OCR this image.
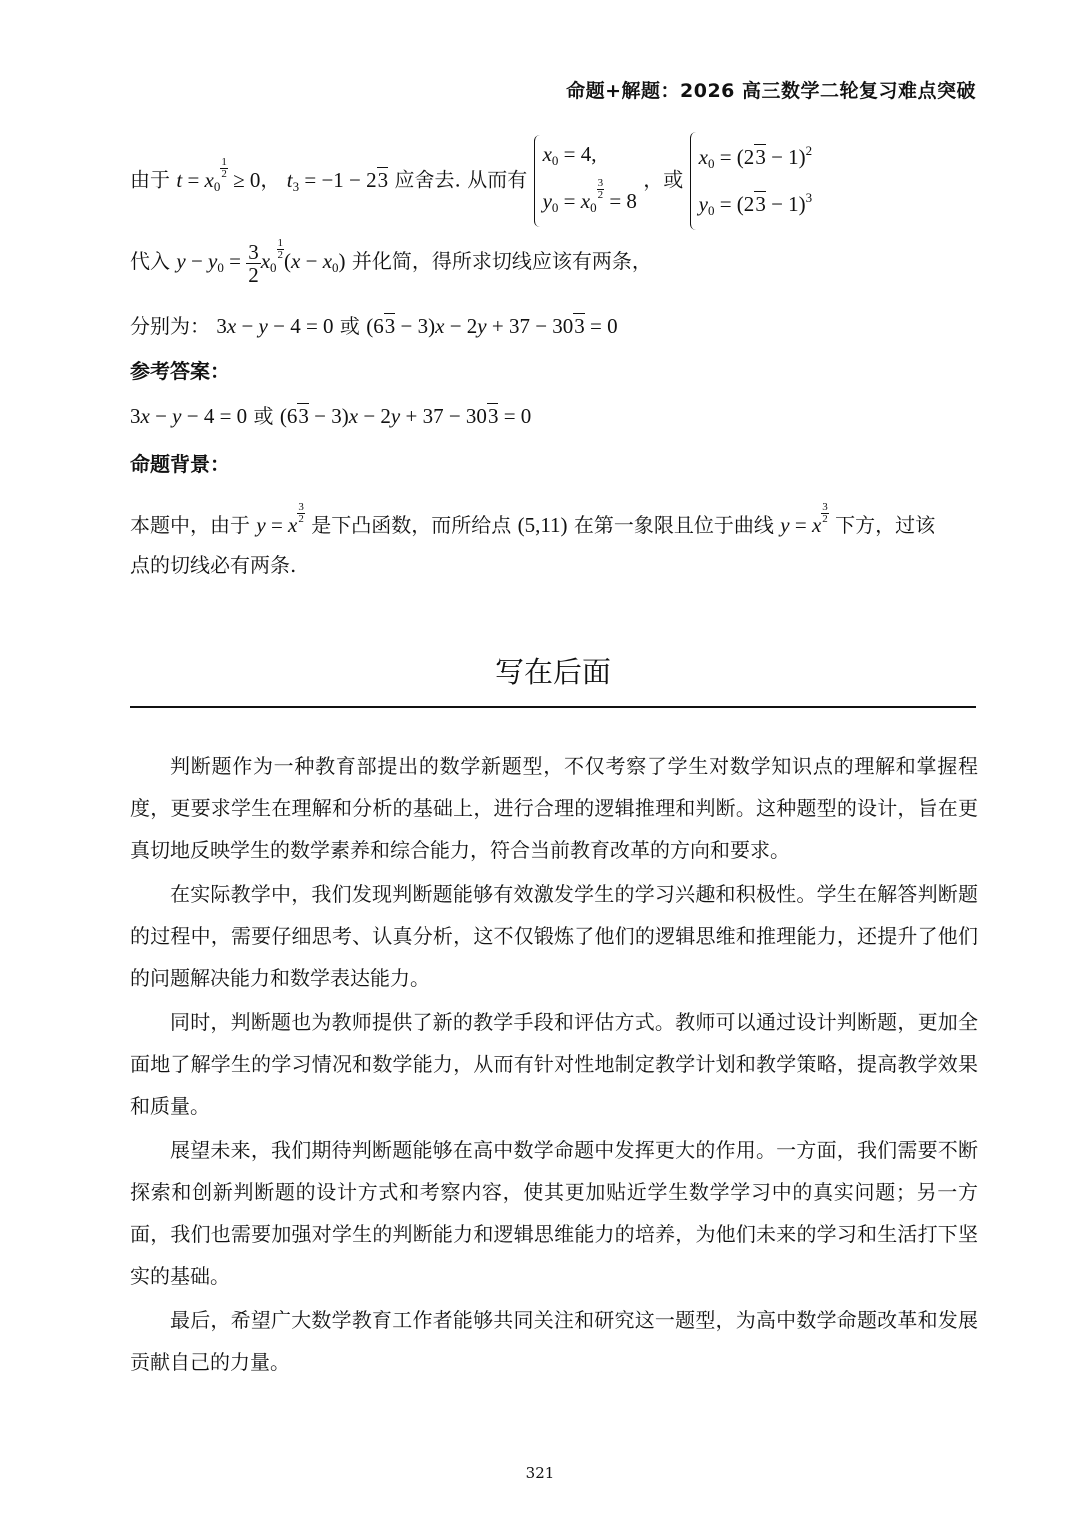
命题+解题：2026 高三数学二轮复习难点突破
由于 $t = x_0$
$\frac{1}{2} \ge 0$， $t_3 = -1 - 23$ 应舍去. 从而有
$x_0 = 4$,
$y_0 = x_0$
$\frac{3}{2} = 8$
，或
$x_0 = (23 - 1)^2$
$y_0 = (23 - 1)^3$
代入 $y - y_0 = \frac{3}{2} x_0$
$\frac{1}{2} (x - x_0)$ 并化简，得所求切线应该有两条，
分别为： 3x − y − 4 = 0 或 (63 − 3)x − 2y + 37 − 303 = 0
参考答案：
3x − y − 4 = 0 或 (63 − 3)x − 2y + 37 − 303 = 0
命题背景：
本题中，由于 y = x $\frac{3}{2}$ 是下凸函数，而所给点 (5,11) 在第一象限且位于曲线 y = x $\frac{3}{2}$ 下方，过该
点的切线必有两条.
写在后面

判断题作为一种教育部提出的数学新题型，不仅考察了学生对数学知识点的理解和掌握程度，更要求学生在理解和分析的基础上，进行合理的逻辑推理和判断。这种题型的设计，旨在更真切地反映学生的数学素养和综合能力，符合当前教育改革的方向和要求。

在实际教学中，我们发现判断题能够有效激发学生的学习兴趣和积极性。学生在解答判断题的过程中，需要仔细思考、认真分析，这不仅锻炼了他们的逻辑思维和推理能力，还提升了他们的问题解决能力和数学表达能力。

同时，判断题也为教师提供了新的教学手段和评估方式。教师可以通过设计判断题，更加全面地了解学生的学习情况和数学能力，从而有针对性地制定教学计划和教学策略，提高教学效果和质量。

展望未来，我们期待判断题能够在高中数学命题中发挥更大的作用。一方面，我们需要不断探索和创新判断题的设计方式和考察内容，使其更加贴近学生数学学习中的真实问题；另一方面，我们也需要加强对学生的判断能力和逻辑思维能力的培养，为他们未来的学习和生活打下坚实的基础。

最后，希望广大数学教育工作者能够共同关注和研究这一题型，为高中数学命题改革和发展贡献自己的力量。

321
